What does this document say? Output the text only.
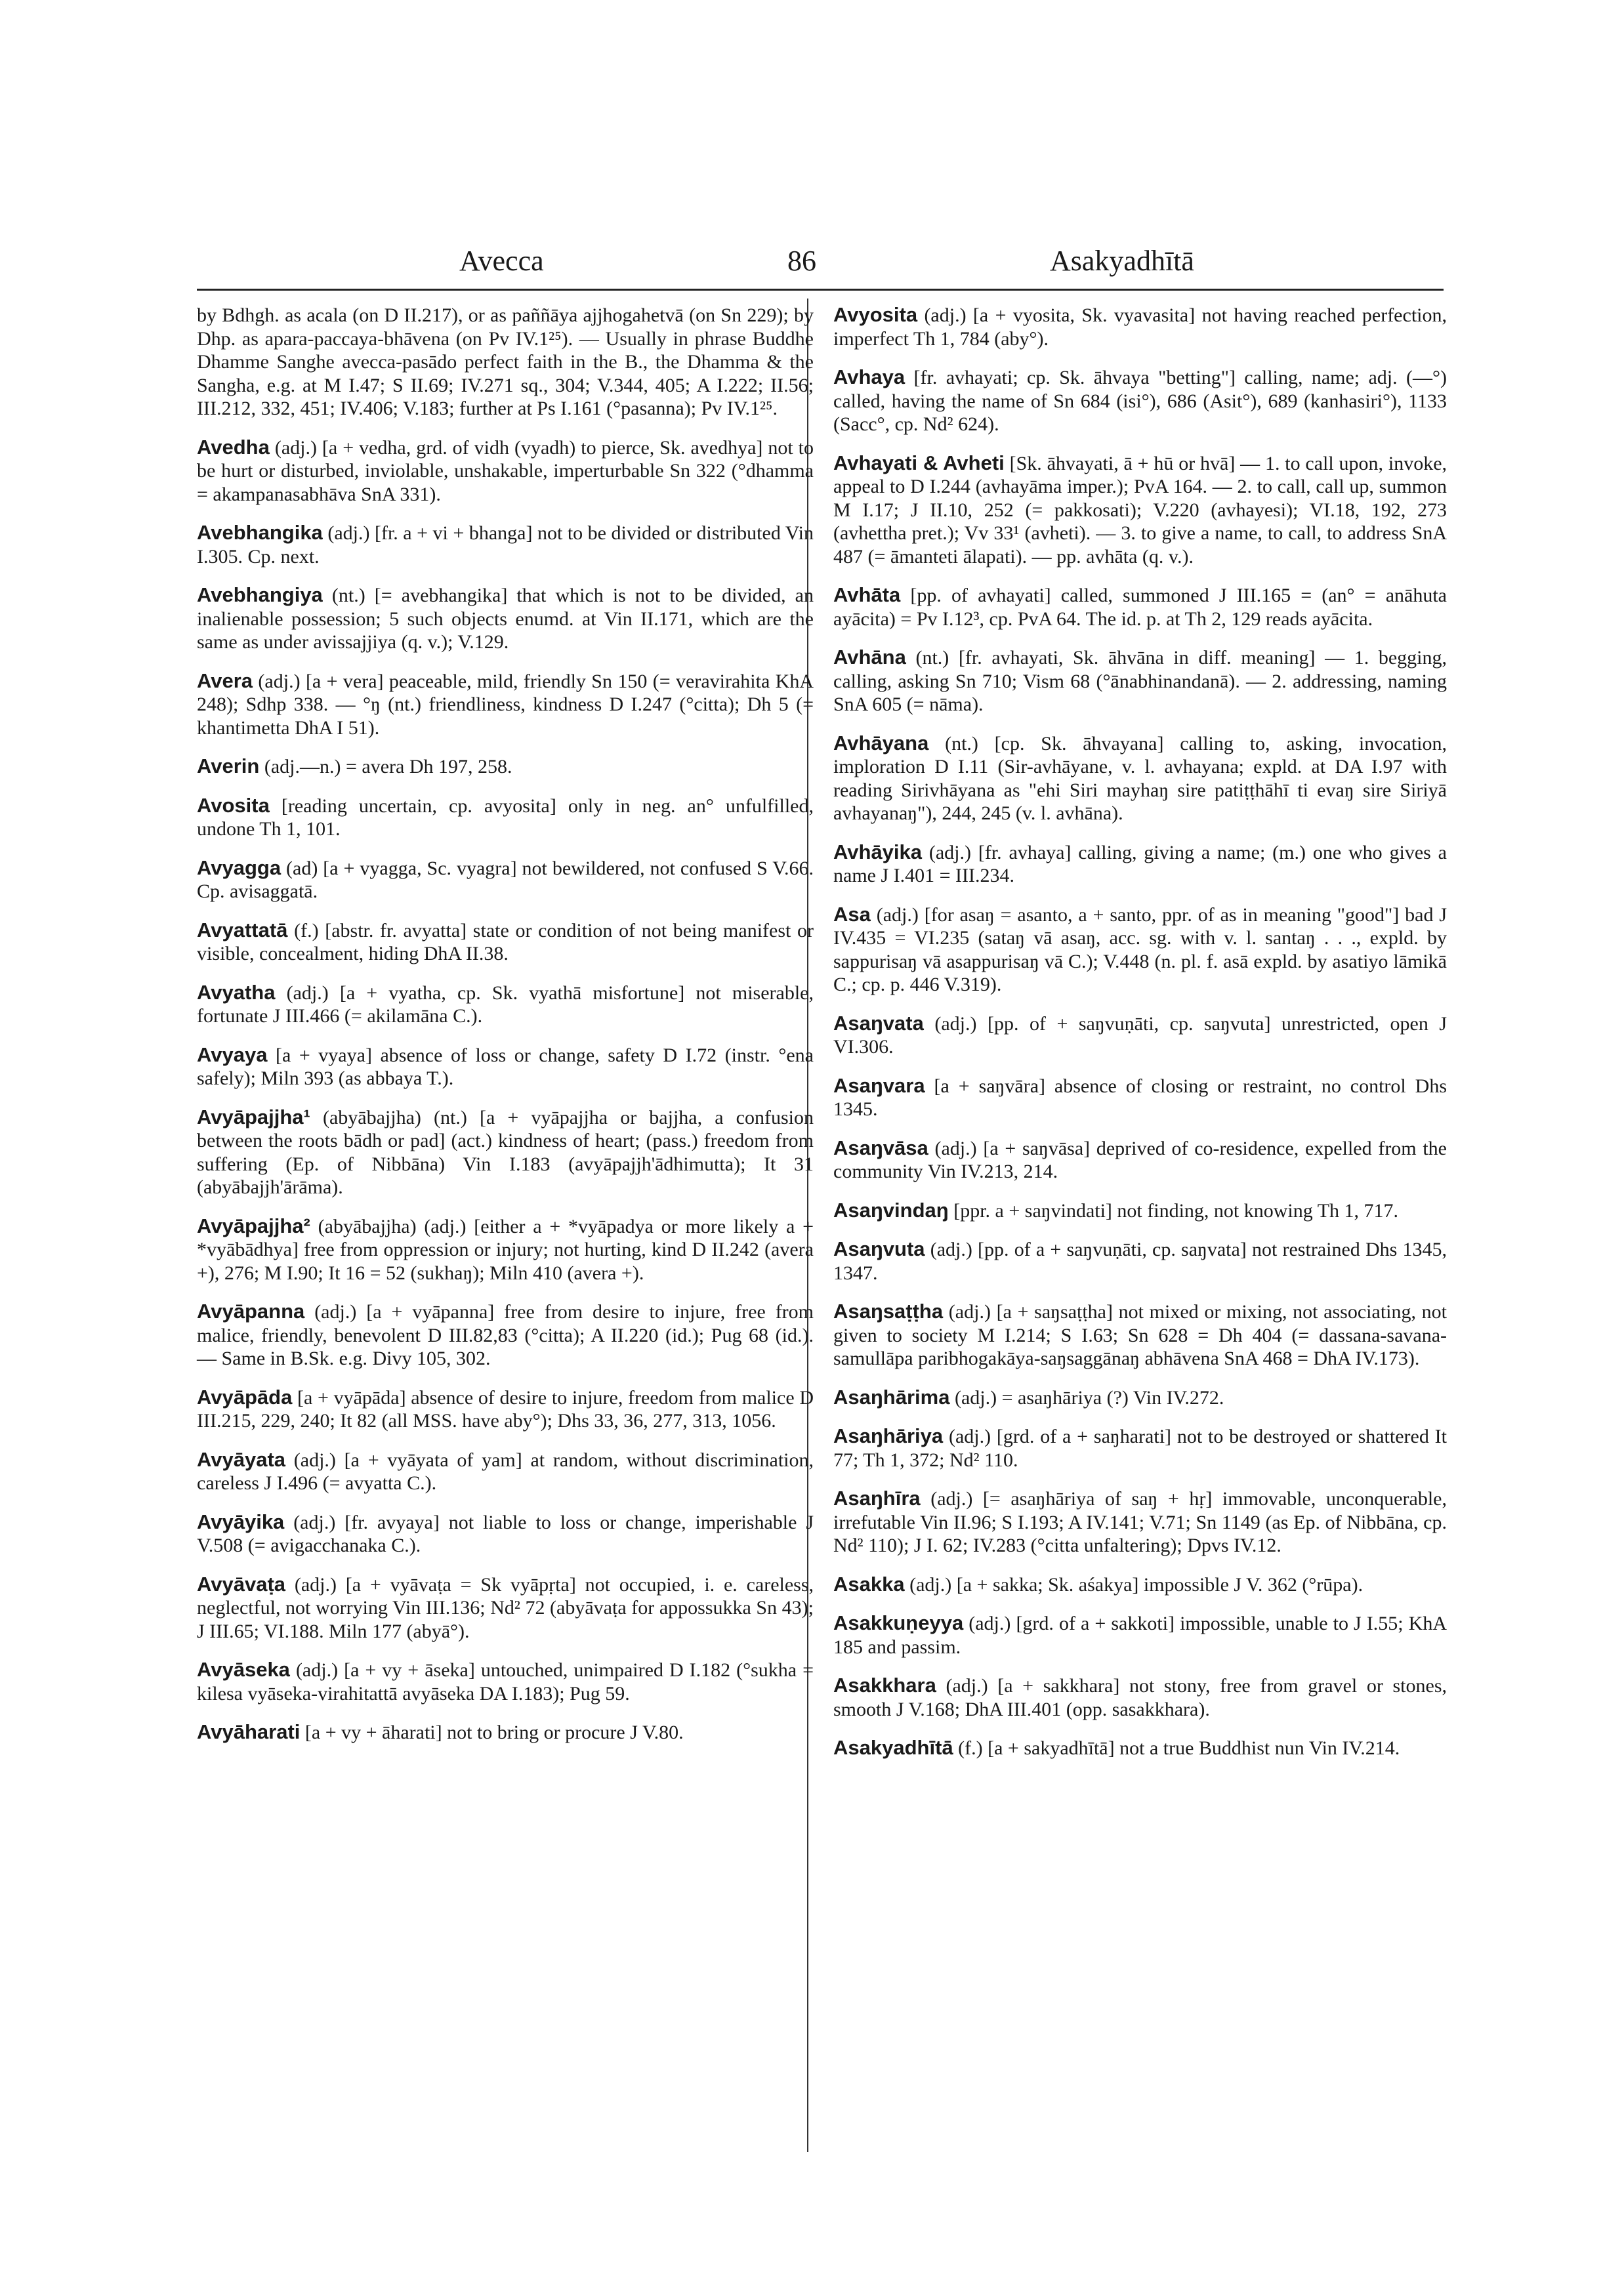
Avecca	86	Asakyadhītā

by Bdhgh. as acala (on D II.217), or as paññāya ajjhogahetvā (on Sn 229); by Dhp. as apara-paccaya-bhāvena (on Pv IV.1²⁵). — Usually in phrase Buddhe Dhamme Sanghe avecca-pasādo perfect faith in the B., the Dhamma & the Sangha, e.g. at M I.47; S II.69; IV.271 sq., 304; V.344, 405; A I.222; II.56; III.212, 332, 451; IV.406; V.183; further at Ps I.161 (°pasanna); Pv IV.1²⁵.

Avedha (adj.) [a + vedha, grd. of vidh (vyadh) to pierce, Sk. avedhya] not to be hurt or disturbed, inviolable, unshakable, imperturbable Sn 322 (°dhamma = akampanasabhāva SnA 331).

Avebhangika (adj.) [fr. a + vi + bhanga] not to be divided or distributed Vin I.305. Cp. next.

Avebhangiya (nt.) [= avebhangika] that which is not to be divided, an inalienable possession; 5 such objects enumd. at Vin II.171, which are the same as under avissajjiya (q. v.); V.129.

Avera (adj.) [a + vera] peaceable, mild, friendly Sn 150 (= veravirahita KhA 248); Sdhp 338. — °ŋ (nt.) friendliness, kindness D I.247 (°citta); Dh 5 (= khantimetta DhA I 51).

Averin (adj.—n.) = avera Dh 197, 258.

Avosita [reading uncertain, cp. avyosita] only in neg. an° unfulfilled, undone Th 1, 101.

Avyagga (ad) [a + vyagga, Sc. vyagra] not bewildered, not confused S V.66. Cp. avisaggatā.

Avyattatā (f.) [abstr. fr. avyatta] state or condition of not being manifest or visible, concealment, hiding DhA II.38.

Avyatha (adj.) [a + vyatha, cp. Sk. vyathā misfortune] not miserable, fortunate J III.466 (= akilamāna C.).

Avyaya [a + vyaya] absence of loss or change, safety D I.72 (instr. °ena safely); Miln 393 (as abbaya T.).

Avyāpajjha¹ (abyābajjha) (nt.) [a + vyāpajjha or bajjha, a confusion between the roots bādh or pad] (act.) kindness of heart; (pass.) freedom from suffering (Ep. of Nibbāna) Vin I.183 (avyāpajjh'ādhimutta); It 31 (abyābajjh'ārāma).

Avyāpajjha² (abyābajjha) (adj.) [either a + *vyāpadya or more likely a + *vyābādhya] free from oppression or injury; not hurting, kind D II.242 (avera +), 276; M I.90; It 16 = 52 (sukhaŋ); Miln 410 (avera +).

Avyāpanna (adj.) [a + vyāpanna] free from desire to injure, free from malice, friendly, benevolent D III.82,83 (°citta); A II.220 (id.); Pug 68 (id.). — Same in B.Sk. e.g. Divy 105, 302.

Avyāpāda [a + vyāpāda] absence of desire to injure, freedom from malice D III.215, 229, 240; It 82 (all MSS. have aby°); Dhs 33, 36, 277, 313, 1056.

Avyāyata (adj.) [a + vyāyata of yam] at random, without discrimination, careless J I.496 (= avyatta C.).

Avyāyika (adj.) [fr. avyaya] not liable to loss or change, imperishable J V.508 (= avigacchanaka C.).

Avyāvaṭa (adj.) [a + vyāvaṭa = Sk vyāpṛta] not occupied, i. e. careless, neglectful, not worrying Vin III.136; Nd² 72 (abyāvaṭa for appossukka Sn 43); J III.65; VI.188. Miln 177 (abyā°).

Avyāseka (adj.) [a + vy + āseka] untouched, unimpaired D I.182 (°sukha = kilesa vyāseka-virahitattā avyāseka DA I.183); Pug 59.

Avyāharati [a + vy + āharati] not to bring or procure J V.80.

Avyosita (adj.) [a + vyosita, Sk. vyavasita] not having reached perfection, imperfect Th 1, 784 (aby°).

Avhaya [fr. avhayati; cp. Sk. āhvaya "betting"] calling, name; adj. (—°) called, having the name of Sn 684 (isi°), 686 (Asit°), 689 (kanhasiri°), 1133 (Sacc°, cp. Nd² 624).

Avhayati & Avheti [Sk. āhvayati, ā + hū or hvā] — 1. to call upon, invoke, appeal to D I.244 (avhayāma imper.); PvA 164. — 2. to call, call up, summon M I.17; J II.10, 252 (= pakkosati); V.220 (avhayesi); VI.18, 192, 273 (avhettha pret.); Vv 33¹ (avheti). — 3. to give a name, to call, to address SnA 487 (= āmanteti ālapati). — pp. avhāta (q. v.).

Avhāta [pp. of avhayati] called, summoned J III.165 = (an° = anāhuta ayācita) = Pv I.12³, cp. PvA 64. The id. p. at Th 2, 129 reads ayācita.

Avhāna (nt.) [fr. avhayati, Sk. āhvāna in diff. meaning] — 1. begging, calling, asking Sn 710; Vism 68 (°ānabhinandanā). — 2. addressing, naming SnA 605 (= nāma).

Avhāyana (nt.) [cp. Sk. āhvayana] calling to, asking, invocation, imploration D I.11 (Sir-avhāyane, v. l. avhayana; expld. at DA I.97 with reading Sirivhāyana as "ehi Siri mayhaŋ sire patiṭṭhāhī ti evaŋ sire Siriyā avhayanaŋ"), 244, 245 (v. l. avhāna).

Avhāyika (adj.) [fr. avhaya] calling, giving a name; (m.) one who gives a name J I.401 = III.234.

Asa (adj.) [for asaŋ = asanto, a + santo, ppr. of as in meaning "good"] bad J IV.435 = VI.235 (sataŋ vā asaŋ, acc. sg. with v. l. santaŋ . . ., expld. by sappurisaŋ vā asappurisaŋ vā C.); V.448 (n. pl. f. asā expld. by asatiyo lāmikā C.; cp. p. 446 V.319).

Asaŋvata (adj.) [pp. of + saŋvuṇāti, cp. saŋvuta] unrestricted, open J VI.306.

Asaŋvara [a + saŋvāra] absence of closing or restraint, no control Dhs 1345.

Asaŋvāsa (adj.) [a + saŋvāsa] deprived of co-residence, expelled from the community Vin IV.213, 214.

Asaŋvindaŋ [ppr. a + saŋvindati] not finding, not knowing Th 1, 717.

Asaŋvuta (adj.) [pp. of a + saŋvuṇāti, cp. saŋvata] not restrained Dhs 1345, 1347.

Asaŋsaṭṭha (adj.) [a + saŋsaṭṭha] not mixed or mixing, not associating, not given to society M I.214; S I.63; Sn 628 = Dh 404 (= dassana-savana-samullāpa paribhogakāya-saŋsaggānaŋ abhāvena SnA 468 = DhA IV.173).

Asaŋhārima (adj.) = asaŋhāriya (?) Vin IV.272.

Asaŋhāriya (adj.) [grd. of a + saŋharati] not to be destroyed or shattered It 77; Th 1, 372; Nd² 110.

Asaŋhīra (adj.) [= asaŋhāriya of saŋ + hṛ] immovable, unconquerable, irrefutable Vin II.96; S I.193; A IV.141; V.71; Sn 1149 (as Ep. of Nibbāna, cp. Nd² 110); J I. 62; IV.283 (°citta unfaltering); Dpvs IV.12.

Asakka (adj.) [a + sakka; Sk. aśakya] impossible J V. 362 (°rūpa).

Asakkuṇeyya (adj.) [grd. of a + sakkoti] impossible, unable to J I.55; KhA 185 and passim.

Asakkhara (adj.) [a + sakkhara] not stony, free from gravel or stones, smooth J V.168; DhA III.401 (opp. sasakkhara).

Asakyadhītā (f.) [a + sakyadhītā] not a true Buddhist nun Vin IV.214.
